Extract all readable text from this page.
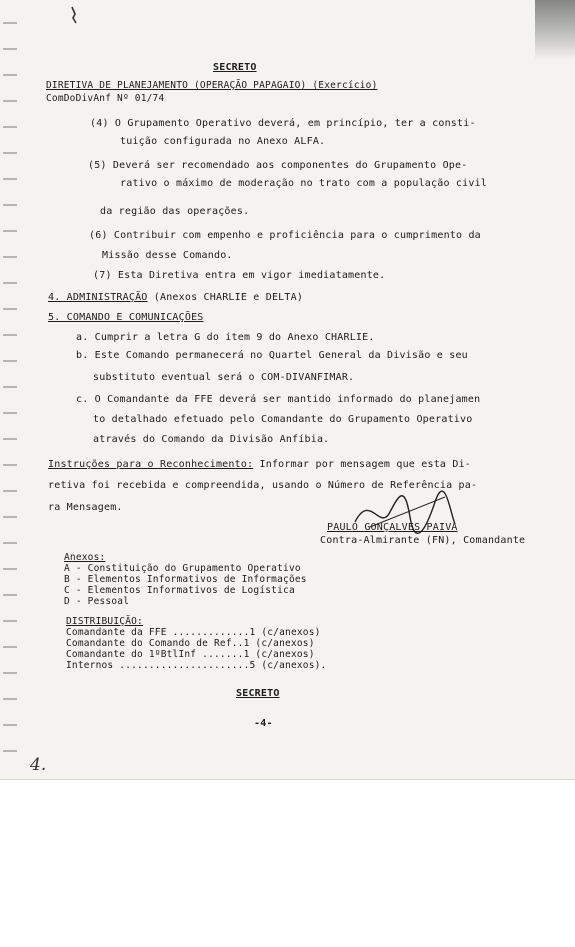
SECRETO
DIRETIVA DE PLANEJAMENTO (OPERAÇÃO PAPAGAIO) (Exercício)
ComDoDivAnf Nº 01/74
(4) O Grupamento Operativo deverá, em princípio, ter a consti-
tuição configurada no Anexo ALFA.
(5) Deverá ser recomendado aos componentes do Grupamento Ope-
rativo o máximo de moderação no trato com a população civil
da região das operações.
(6) Contribuir com empenho e proficiência para o cumprimento da
Missão desse Comando.
(7) Esta Diretiva entra em vigor imediatamente.
4. ADMINISTRAÇÃO (Anexos CHARLIE e DELTA)
5. COMANDO E COMUNICAÇÕES
a. Cumprir a letra G do item 9 do Anexo CHARLIE.
b. Este Comando permanecerá no Quartel General da Divisão e seu
substituto eventual será o COM-DIVANFIMAR.
c. O Comandante da FFE deverá ser mantido informado do planejamen
to detalhado efetuado pelo Comandante do Grupamento Operativo
através do Comando da Divisão Anfíbia.
Instruções para o Reconhecimento: Informar por mensagem que esta Di-
retiva foi recebida e compreendida, usando o Número de Referência pa-
ra Mensagem.
PAULO GONÇALVES PAIVA
Contra-Almirante (FN), Comandante
Anexos:
A - Constituição do Grupamento Operativo
B - Elementos Informativos de Informações
C - Elementos Informativos de Logística
D - Pessoal
DISTRIBUIÇÃO:
Comandante da FFE .............1 (c/anexos)
Comandante do Comando de Ref..1 (c/anexos)
Comandante do 1ºBtlInf .......1 (c/anexos)
Internos ......................5 (c/anexos).
SECRETO
-4-
4.
